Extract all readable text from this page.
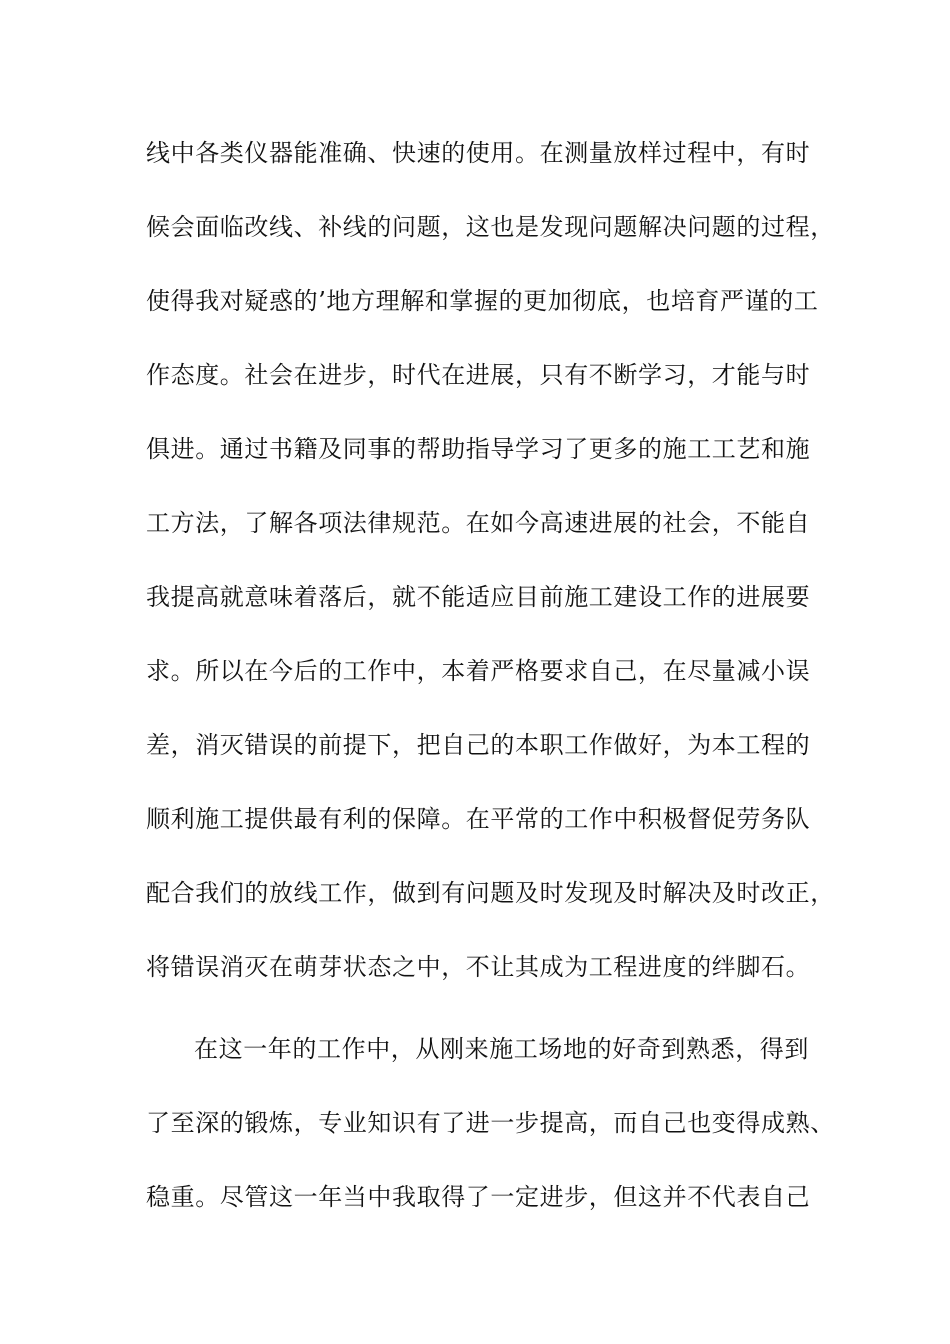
线中各类仪器能准确、快速的使用。在测量放样过程中，有时
候会面临改线、补线的问题，这也是发现问题解决问题的过程，
使得我对疑惑的’地方理解和掌握的更加彻底，也培育严谨的工
作态度。社会在进步，时代在进展，只有不断学习，才能与时
俱进。通过书籍及同事的帮助指导学习了更多的施工工艺和施
工方法，了解各项法律规范。在如今高速进展的社会，不能自
我提高就意味着落后，就不能适应目前施工建设工作的进展要
求。所以在今后的工作中，本着严格要求自己，在尽量减小误
差，消灭错误的前提下，把自己的本职工作做好，为本工程的
顺利施工提供最有利的保障。在平常的工作中积极督促劳务队
配合我们的放线工作，做到有问题及时发现及时解决及时改正，
将错误消灭在萌芽状态之中，不让其成为工程进度的绊脚石。
在这一年的工作中，从刚来施工场地的好奇到熟悉，得到
了至深的锻炼，专业知识有了进一步提高，而自己也变得成熟、
稳重。尽管这一年当中我取得了一定进步，但这并不代表自己
